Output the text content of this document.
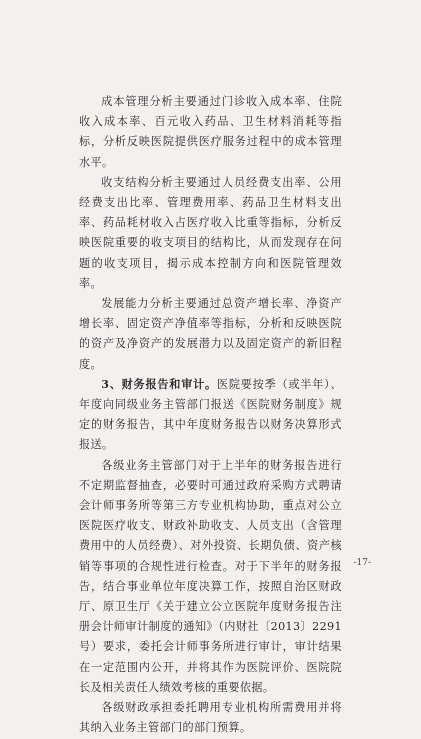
成本管理分析主要通过门诊收入成本率、住院收入成本率、百元收入药品、卫生材料消耗等指标，分析反映医院提供医疗服务过程中的成本管理水平。

收支结构分析主要通过人员经费支出率、公用经费支出比率、管理费用率、药品卫生材料支出率、药品耗材收入占医疗收入比重等指标，分析反映医院重要的收支项目的结构比，从而发现存在问题的收支项目，揭示成本控制方向和医院管理效率。

发展能力分析主要通过总资产增长率、净资产增长率、固定资产净值率等指标，分析和反映医院的资产及净资产的发展潜力以及固定资产的新旧程度。

3、财务报告和审计。医院要按季（或半年）、年度向同级业务主管部门报送《医院财务制度》规定的财务报告，其中年度财务报告以财务决算形式报送。

各级业务主管部门对于上半年的财务报告进行不定期监督抽查，必要时可通过政府采购方式聘请会计师事务所等第三方专业机构协助，重点对公立医院医疗收支、财政补助收支、人员支出（含管理费用中的人员经费）、对外投资、长期负债、资产核销等事项的合规性进行检查。对于下半年的财务报告，结合事业单位年度决算工作，按照自治区财政厅、原卫生厅《关于建立公立医院年度财务报告注册会计师审计制度的通知》（内财社〔2013〕2291号）要求，委托会计师事务所进行审计，审计结果在一定范围内公开，并将其作为医院评价、医院院长及相关责任人绩效考核的重要依据。

各级财政承担委托聘用专业机构所需费用并将其纳入业务主管部门的部门预算。

-17-
